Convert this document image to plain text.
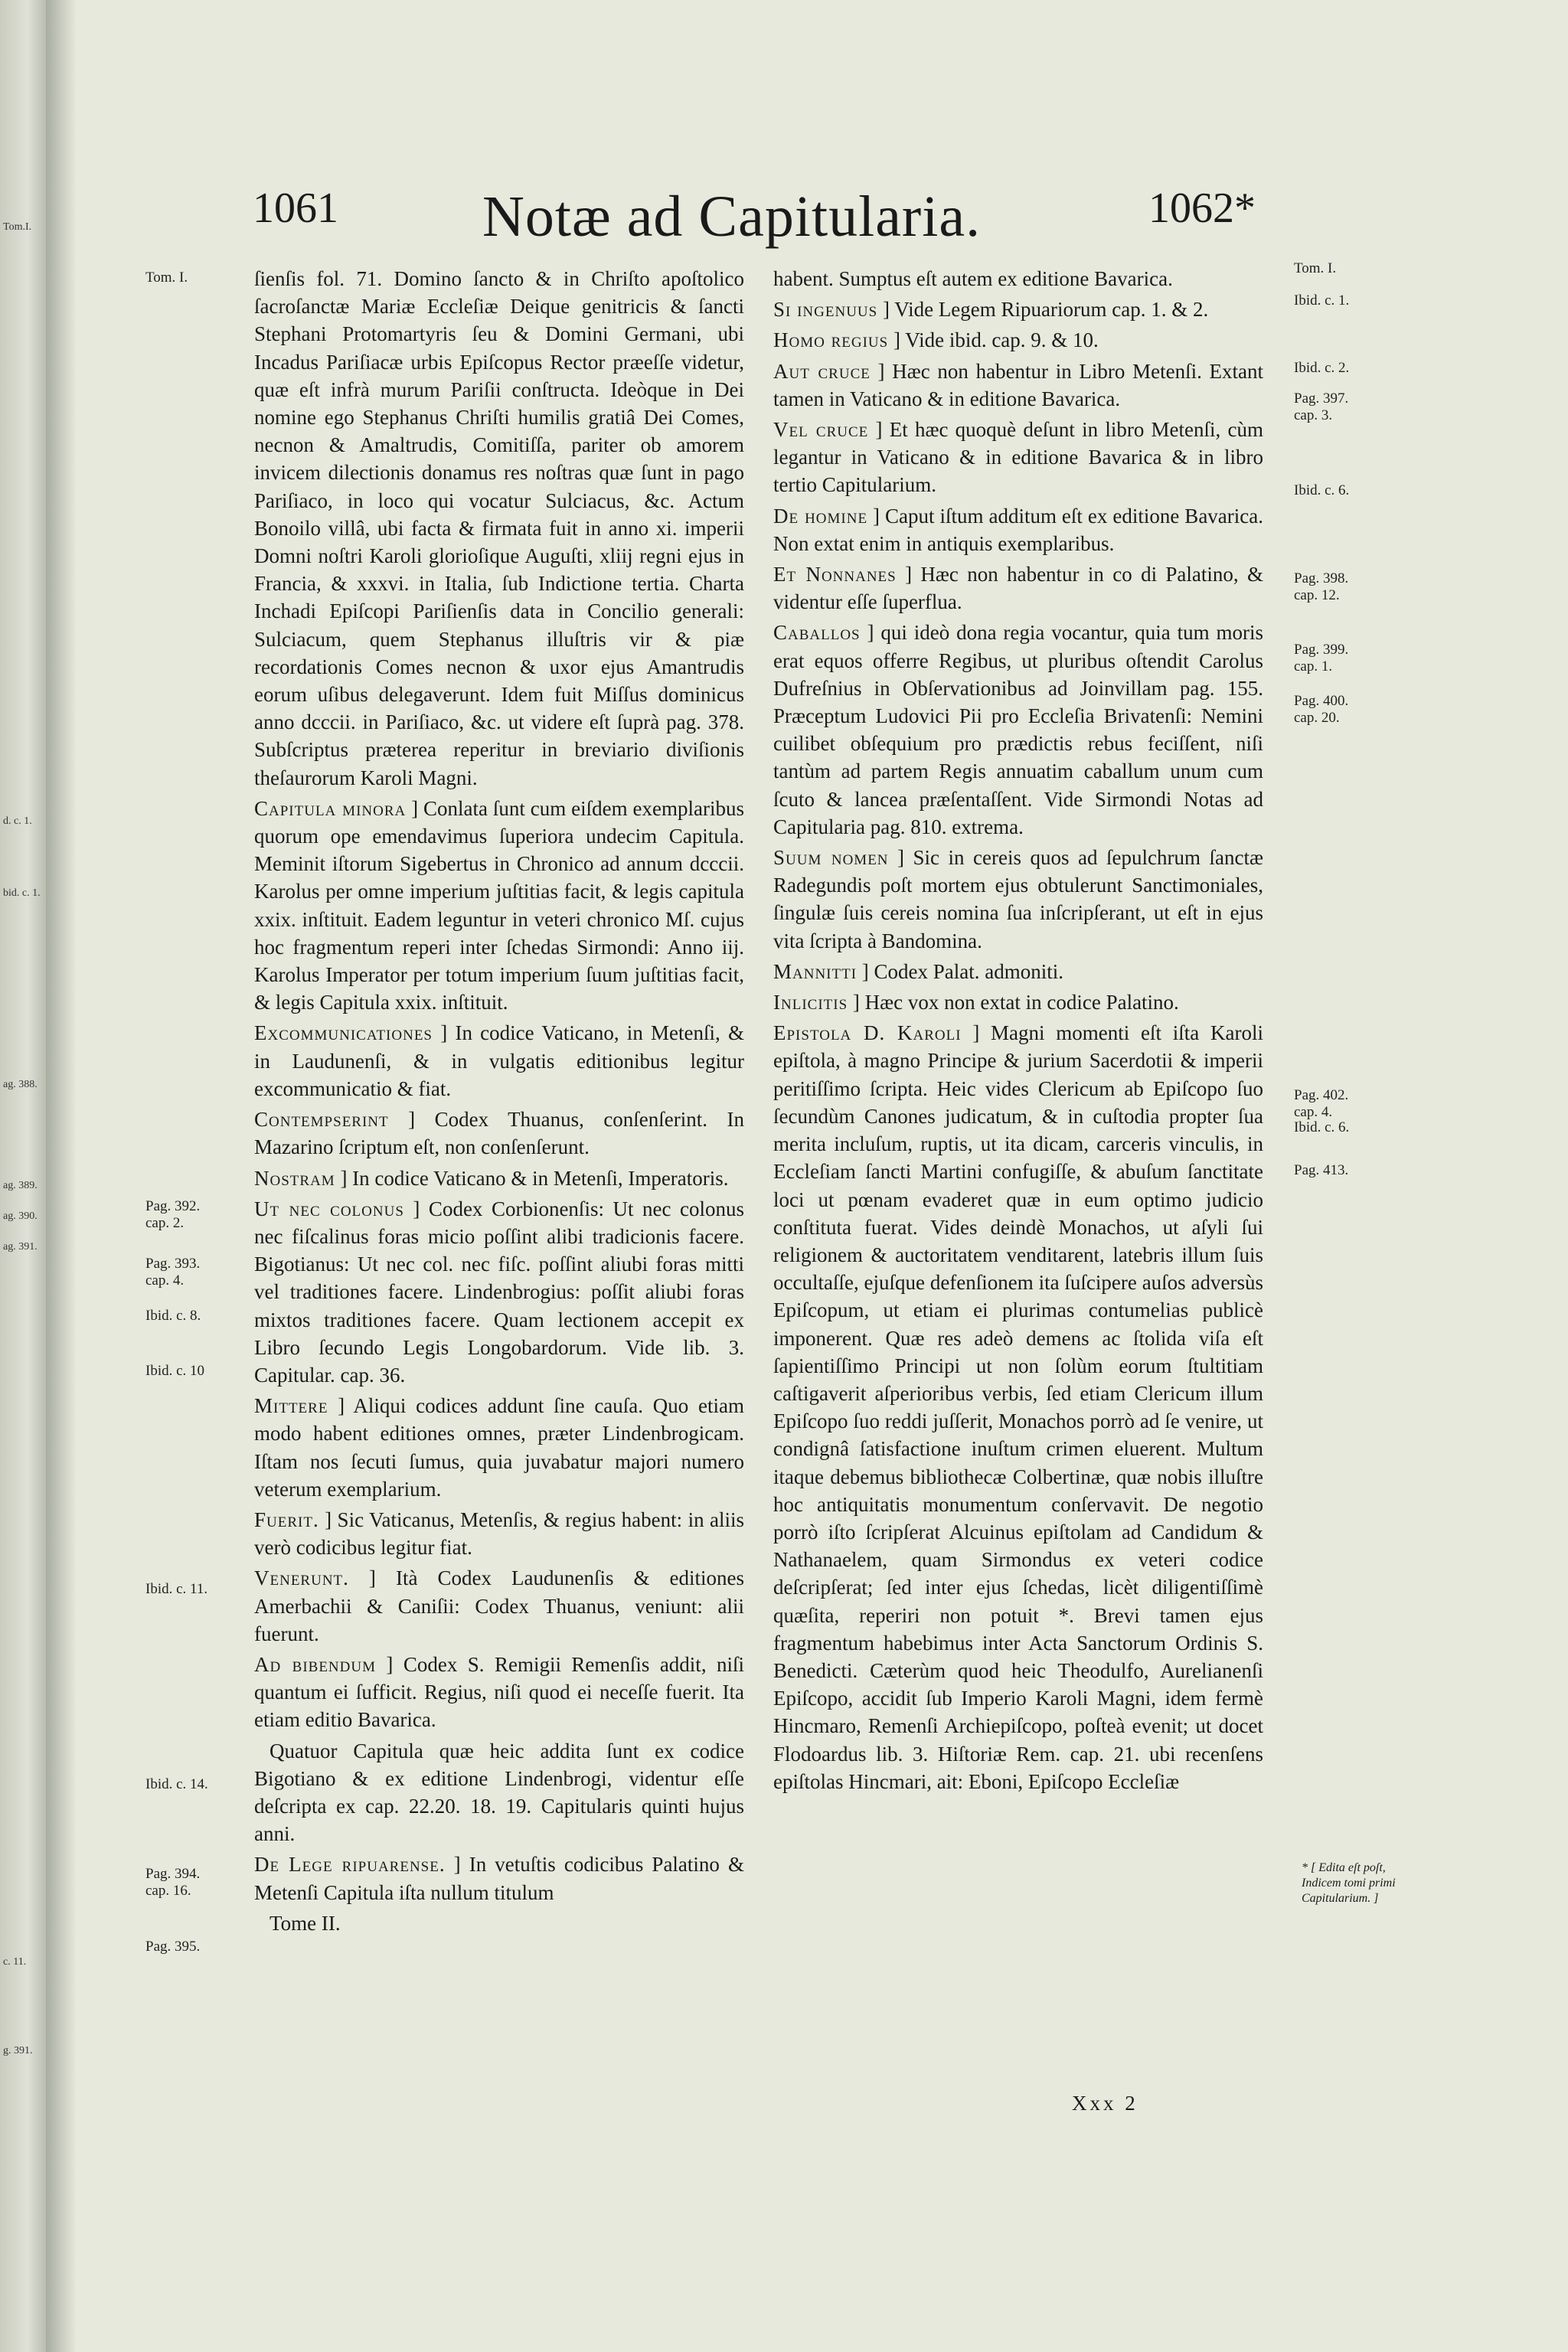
Tom.I.
d. c. 1.
bid. c. 1.
ag. 388.
ag. 389.
ag. 390.
ag. 391.
c. 11.
g. 391.
1061 Notæ ad Capitularia.	1062*
Tom. I.
Pag. 392.
cap. 2.
Pag. 393.
cap. 4.
Ibid. c. 8.
Ibid. c. 10
Ibid. c. 11.
Ibid. c. 14.
Pag. 394.
cap. 16.
Pag. 395.
Tom. I.
Ibid. c. 1.
Ibid. c. 2.
Pag. 397.
cap. 3.
Ibid. c. 6.
Pag. 398.
cap. 12.
Pag. 399.
cap. 1.
Pag. 400.
cap. 20.
Pag. 402.
cap. 4.
Ibid. c. 6.
Pag. 413.

ſienſis fol. 71. Domino ſancto & in Chriſto apoſtolico ſacroſanctæ Mariæ Eccleſiæ Deique genitricis & ſancti Stephani Protomartyris ſeu & Domini Germani, ubi Incadus Pariſiacæ urbis Epiſcopus Rector præeſſe videtur, quæ eſt infrà murum Pariſii conſtructa. Ideòque in Dei nomine ego Stephanus Chriſti humilis gratiâ Dei Comes, necnon & Amaltrudis, Comitiſſa, pariter ob amorem invicem dilectionis donamus res noſtras quæ ſunt in pago Pariſiaco, in loco qui vocatur Sulciacus, &c. Actum Bonoilo villâ, ubi facta & firmata fuit in anno xi. imperii Domni noſtri Karoli glorioſique Auguſti, xliij regni ejus in Francia, & xxxvi. in Italia, ſub Indictione tertia. Charta Inchadi Epiſcopi Pariſienſis data in Concilio generali: Sulciacum, quem Stephanus illuſtris vir & piæ recordationis Comes necnon & uxor ejus Amantrudis eorum uſibus delegaverunt. Idem fuit Miſſus dominicus anno dcccii. in Pariſiaco, &c. ut videre eſt ſuprà pag. 378. Subſcriptus præterea reperitur in breviario diviſionis theſaurorum Karoli Magni.

Capitula minora ] Conlata ſunt cum eiſdem exemplaribus quorum ope emendavimus ſuperiora undecim Capitula. Meminit iſtorum Sigebertus in Chronico ad annum dcccii. Karolus per omne imperium juſtitias facit, & legis capitula xxix. inſtituit. Eadem leguntur in veteri chronico Mſ. cujus hoc fragmentum reperi inter ſchedas Sirmondi: Anno iij. Karolus Imperator per totum imperium ſuum juſtitias facit, & legis Capitula xxix. inſtituit.

Excommunicationes ] In codice Vaticano, in Metenſi, & in Laudunenſi, & in vulgatis editionibus legitur excommunicatio & fiat.

Contempserint ] Codex Thuanus, conſenſerint. In Mazarino ſcriptum eſt, non conſenſerunt.

Nostram ] In codice Vaticano & in Metenſi, Imperatoris.

Ut nec colonus ] Codex Corbionenſis: Ut nec colonus nec fiſcalinus foras micio poſſint alibi tradicionis facere. Bigotianus: Ut nec col. nec fiſc. poſſint aliubi foras mitti vel traditiones facere. Lindenbrogius: poſſit aliubi foras mixtos traditiones facere. Quam lectionem accepit ex Libro ſecundo Legis Longobardorum. Vide lib. 3. Capitular. cap. 36.

Mittere ] Aliqui codices addunt ſine cauſa. Quo etiam modo habent editiones omnes, præter Lindenbrogicam. Iſtam nos ſecuti ſumus, quia juvabatur majori numero veterum exemplarium.

Fuerit. ] Sic Vaticanus, Metenſis, & regius habent: in aliis verò codicibus legitur fiat.

Venerunt. ] Ità Codex Laudunenſis & editiones Amerbachii & Caniſii: Codex Thuanus, veniunt: alii fuerunt.

Ad bibendum ] Codex S. Remigii Remenſis addit, niſi quantum ei ſufficit. Regius, niſi quod ei neceſſe fuerit. Ita etiam editio Bavarica.

Quatuor Capitula quæ heic addita ſunt ex codice Bigotiano & ex editione Lindenbrogi, videntur eſſe deſcripta ex cap. 22.20. 18. 19. Capitularis quinti hujus anni.

De Lege ripuarense. ] In vetuſtis codicibus Palatino & Metenſi Capitula iſta nullum titulum

Tome II.

habent. Sumptus eſt autem ex editione Bavarica.

Si ingenuus ] Vide Legem Ripuariorum cap. 1. & 2.

Homo regius ] Vide ibid. cap. 9. & 10.

Aut cruce ] Hæc non habentur in Libro Metenſi. Extant tamen in Vaticano & in editione Bavarica.

Vel cruce ] Et hæc quoquè deſunt in libro Metenſi, cùm legantur in Vaticano & in editione Bavarica & in libro tertio Capitularium.

De homine ] Caput iſtum additum eſt ex editione Bavarica. Non extat enim in antiquis exemplaribus.

Et Nonnanes ] Hæc non habentur in co di Palatino, & videntur eſſe ſuperflua.

Caballos ] qui ideò dona regia vocantur, quia tum moris erat equos offerre Regibus, ut pluribus oſtendit Carolus Dufreſnius in Obſervationibus ad Joinvillam pag. 155. Præceptum Ludovici Pii pro Eccleſia Brivatenſi: Nemini cuilibet obſequium pro prædictis rebus feciſſent, niſi tantùm ad partem Regis annuatim caballum unum cum ſcuto & lancea præſentaſſent. Vide Sirmondi Notas ad Capitularia pag. 810. extrema.

Suum nomen ] Sic in cereis quos ad ſepulchrum ſanctæ Radegundis poſt mortem ejus obtulerunt Sanctimoniales, ſingulæ ſuis cereis nomina ſua inſcripſerant, ut eſt in ejus vita ſcripta à Bandomina.

Mannitti ] Codex Palat. admoniti.

Inlicitis ] Hæc vox non extat in codice Palatino.

Epistola D. Karoli ] Magni momenti eſt iſta Karoli epiſtola, à magno Principe & jurium Sacerdotii & imperii peritiſſimo ſcripta. Heic vides Clericum ab Epiſcopo ſuo ſecundùm Canones judicatum, & in cuſtodia propter ſua merita incluſum, ruptis, ut ita dicam, carceris vinculis, in Eccleſiam ſancti Martini confugiſſe, & abuſum ſanctitate loci ut pœnam evaderet quæ in eum optimo judicio conſtituta fuerat. Vides deindè Monachos, ut aſyli ſui religionem & auctoritatem venditarent, latebris illum ſuis occultaſſe, ejuſque defenſionem ita ſuſcipere auſos adversùs Epiſcopum, ut etiam ei plurimas contumelias publicè imponerent. Quæ res adeò demens ac ſtolida viſa eſt ſapientiſſimo Principi ut non ſolùm eorum ſtultitiam caſtigaverit aſperioribus verbis, ſed etiam Clericum illum Epiſcopo ſuo reddi juſſerit, Monachos porrò ad ſe venire, ut condignâ ſatisfactione inuſtum crimen eluerent. Multum itaque debemus bibliothecæ Colbertinæ, quæ nobis illuſtre hoc antiquitatis monumentum conſervavit. De negotio porrò iſto ſcripſerat Alcuinus epiſtolam ad Candidum & Nathanaelem, quam Sirmondus ex veteri codice deſcripſerat; ſed inter ejus ſchedas, licèt diligentiſſimè quæſita, reperiri non potuit *. Brevi tamen ejus fragmentum habebimus inter Acta Sanctorum Ordinis S. Benedicti. Cæterùm quod heic Theodulfo, Aurelianenſi Epiſcopo, accidit ſub Imperio Karoli Magni, idem fermè Hincmaro, Remenſi Archiepiſcopo, poſteà evenit; ut docet Flodoardus lib. 3. Hiſtoriæ Rem. cap. 21. ubi recenſens epiſtolas Hincmari, ait: Eboni, Epiſcopo Eccleſiæ

* [ Edita eſt poſt, Indicem tomi primi Capitularium. ]
Xxx 2
